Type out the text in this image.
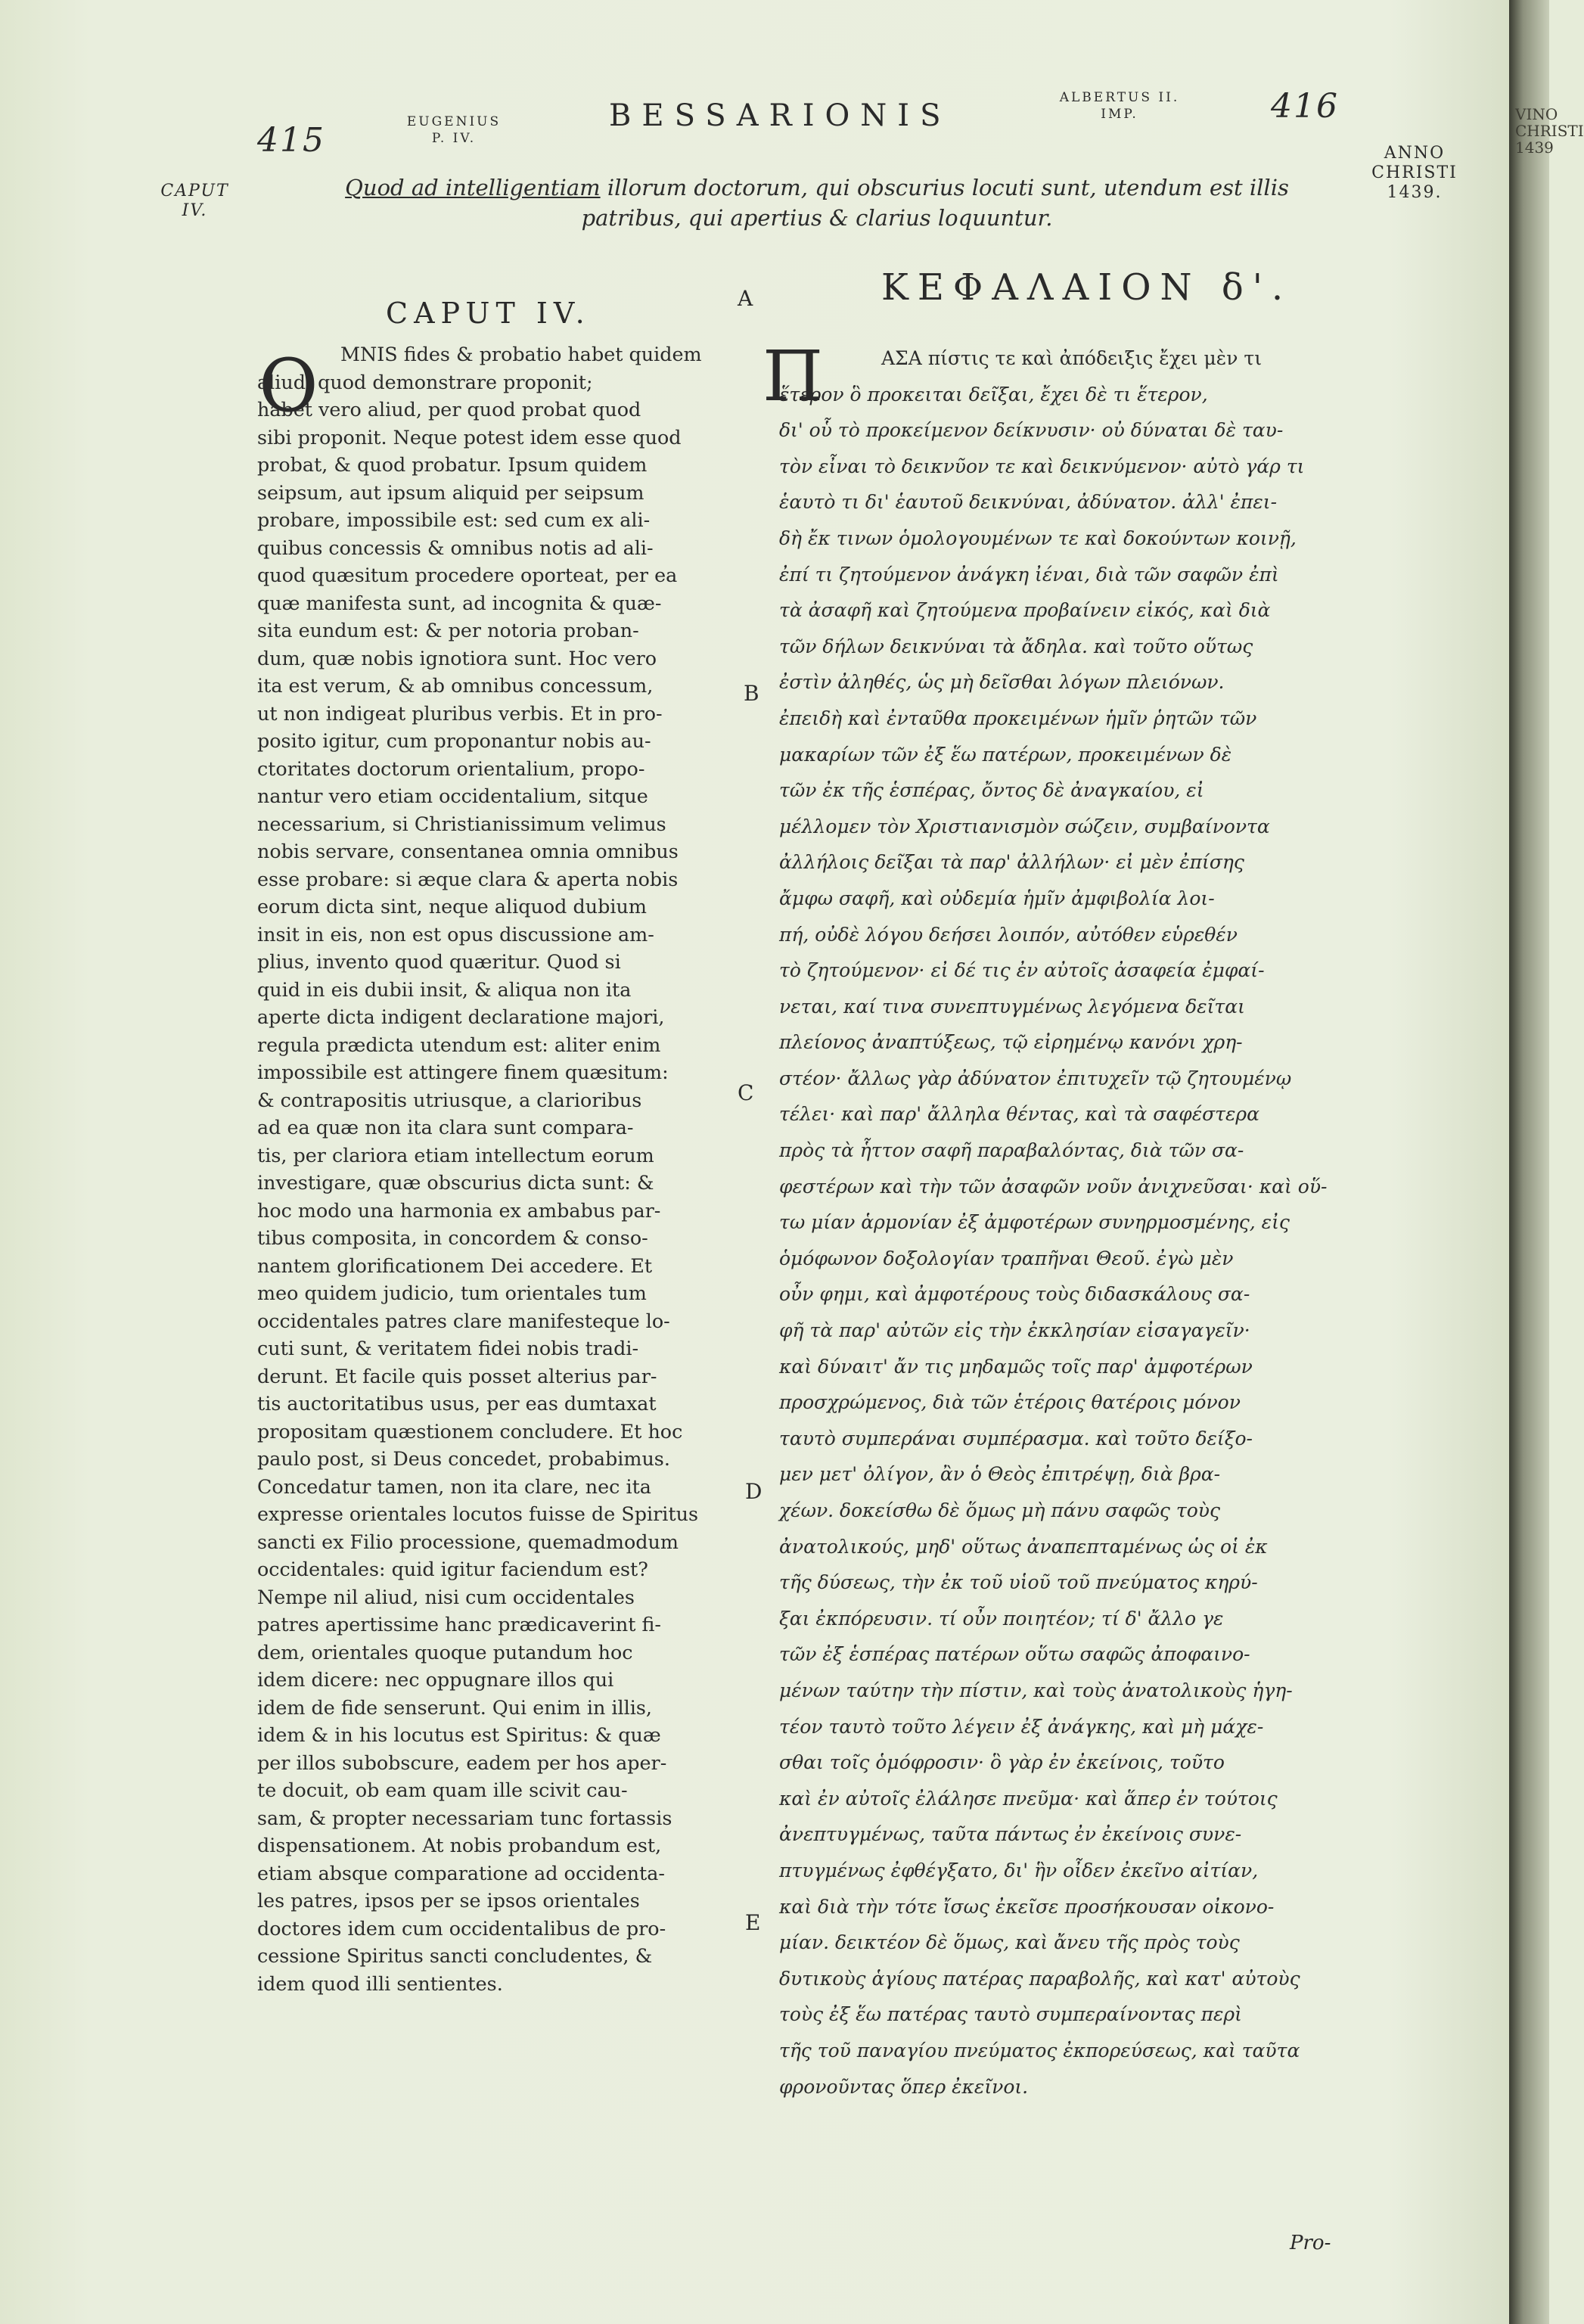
415	EUGENIUS
P. IV.
BESSARIONIS
ALBERTUS II.
IMP.	416
CAPUT
IV.
ANNO
CHRISTI
1439.
Quod ad intelligentiam illorum doctorum, qui obscurius locuti sunt, utendum est illis
patribus, qui apertius & clarius loquuntur.
CAPUT IV.	A	ΚΕΦΑΛΑΙΟΝ δ'.
O	MNIS fides & probatio habet quidem
aliud, quod demonstrare proponit;
habet vero aliud, per quod probat quod
sibi proponit. Neque potest idem esse quod
probat, & quod probatur. Ipsum quidem
seipsum, aut ipsum aliquid per seipsum
probare, impossibile est: sed cum ex ali-
quibus concessis & omnibus notis ad ali-
quod quæsitum procedere oporteat, per ea
quæ manifesta sunt, ad incognita & quæ-
sita eundum est: & per notoria proban-
dum, quæ nobis ignotiora sunt. Hoc vero
ita est verum, & ab omnibus concessum,
ut non indigeat pluribus verbis. Et in pro-
posito igitur, cum proponantur nobis au-
ctoritates doctorum orientalium, propo-
nantur vero etiam occidentalium, sitque
necessarium, si Christianissimum velimus
nobis servare, consentanea omnia omnibus
esse probare: si æque clara & aperta nobis
eorum dicta sint, neque aliquod dubium
insit in eis, non est opus discussione am-
plius, invento quod quæritur. Quod si
quid in eis dubii insit, & aliqua non ita
aperte dicta indigent declaratione majori,
regula prædicta utendum est: aliter enim
impossibile est attingere finem quæsitum:
& contrapositis utriusque, a clarioribus
ad ea quæ non ita clara sunt compara-
tis, per clariora etiam intellectum eorum
investigare, quæ obscurius dicta sunt: &
hoc modo una harmonia ex ambabus par-
tibus composita, in concordem & conso-
nantem glorificationem Dei accedere. Et
meo quidem judicio, tum orientales tum
occidentales patres clare manifesteque lo-
cuti sunt, & veritatem fidei nobis tradi-
derunt. Et facile quis posset alterius par-
tis auctoritatibus usus, per eas dumtaxat
propositam quæstionem concludere. Et hoc
paulo post, si Deus concedet, probabimus.
Concedatur tamen, non ita clare, nec ita
expresse orientales locutos fuisse de Spiritus
sancti ex Filio processione, quemadmodum
occidentales: quid igitur faciendum est?
Nempe nil aliud, nisi cum occidentales
patres apertissime hanc prædicaverint fi-
dem, orientales quoque putandum hoc
idem dicere: nec oppugnare illos qui
idem de fide senserunt. Qui enim in illis,
idem & in his locutus est Spiritus: & quæ
per illos subobscure, eadem per hos aper-
te docuit, ob eam quam ille scivit cau-
sam, & propter necessariam tunc fortassis
dispensationem. At nobis probandum est,
etiam absque comparatione ad occidenta-
les patres, ipsos per se ipsos orientales
doctores idem cum occidentalibus de pro-
cessione Spiritus sancti concludentes, &
idem quod illi sentientes.
Π	ΑΣΑ πίστις τε καὶ ἀπόδειξις ἔχει μὲν τι
ἕτερον ὃ προκειται δεῖξαι, ἔχει δὲ τι ἕτερον,
δι' οὗ τὸ προκείμενον δείκνυσιν· οὐ δύναται δὲ ταυ-
τὸν εἶναι τὸ δεικνῦον τε καὶ δεικνύμενον· αὐτὸ γάρ τι
ἑαυτὸ τι δι' ἑαυτοῦ δεικνύναι, ἀδύνατον. ἀλλ' ἐπει-
δὴ ἔκ τινων ὁμολογουμένων τε καὶ δοκούντων κοινῇ,
ἐπί τι ζητούμενον ἀνάγκη ἰέναι, διὰ τῶν σαφῶν ἐπὶ
τὰ ἀσαφῆ καὶ ζητούμενα προβαίνειν εἰκός, καὶ διὰ
τῶν δήλων δεικνύναι τὰ ἄδηλα. καὶ τοῦτο οὕτως
ἐστὶν ἀληθές, ὡς μὴ δεῖσθαι λόγων πλειόνων.
ἐπειδὴ καὶ ἐνταῦθα προκειμένων ἡμῖν ῥητῶν τῶν
μακαρίων τῶν ἐξ ἕω πατέρων, προκειμένων δὲ
τῶν ἐκ τῆς ἑσπέρας, ὄντος δὲ ἀναγκαίου, εἰ
μέλλομεν τὸν Χριστιανισμὸν σώζειν, συμβαίνοντα
ἀλλήλοις δεῖξαι τὰ παρ' ἀλλήλων· εἰ μὲν ἐπίσης
ἄμφω σαφῆ, καὶ οὐδεμία ἡμῖν ἀμφιβολία λοι-
πή, οὐδὲ λόγου δεήσει λοιπόν, αὐτόθεν εὑρεθέν
τὸ ζητούμενον· εἰ δέ τις ἐν αὐτοῖς ἀσαφεία ἐμφαί-
νεται, καί τινα συνεπτυγμένως λεγόμενα δεῖται
πλείονος ἀναπτύξεως, τῷ εἰρημένῳ κανόνι χρη-
στέον· ἄλλως γὰρ ἀδύνατον ἐπιτυχεῖν τῷ ζητουμένῳ
τέλει· καὶ παρ' ἄλληλα θέντας, καὶ τὰ σαφέστερα
πρὸς τὰ ἧττον σαφῆ παραβαλόντας, διὰ τῶν σα-
φεστέρων καὶ τὴν τῶν ἀσαφῶν νοῦν ἀνιχνεῦσαι· καὶ οὕ-
τω μίαν ἁρμονίαν ἐξ ἀμφοτέρων συνηρμοσμένης, εἰς
ὁμόφωνον δοξολογίαν τραπῆναι Θεοῦ. ἐγὼ μὲν
οὖν φημι, καὶ ἀμφοτέρους τοὺς διδασκάλους σα-
φῆ τὰ παρ' αὐτῶν εἰς τὴν ἐκκλησίαν εἰσαγαγεῖν·
καὶ δύναιτ' ἄν τις μηδαμῶς τοῖς παρ' ἀμφοτέρων
προσχρώμενος, διὰ τῶν ἑτέροις θατέροις μόνον
ταυτὸ συμπεράναι συμπέρασμα. καὶ τοῦτο δείξο-
μεν μετ' ὀλίγον, ἂν ὁ Θεὸς ἐπιτρέψῃ, διὰ βρα-
χέων. δοκείσθω δὲ ὅμως μὴ πάνυ σαφῶς τοὺς
ἀνατολικούς, μηδ' οὕτως ἀναπεπταμένως ὡς οἱ ἐκ
τῆς δύσεως, τὴν ἐκ τοῦ υἱοῦ τοῦ πνεύματος κηρύ-
ξαι ἐκπόρευσιν. τί οὖν ποιητέον; τί δ' ἄλλο γε
τῶν ἐξ ἑσπέρας πατέρων οὕτω σαφῶς ἀποφαινο-
μένων ταύτην τὴν πίστιν, καὶ τοὺς ἀνατολικοὺς ἡγη-
τέον ταυτὸ τοῦτο λέγειν ἐξ ἀνάγκης, καὶ μὴ μάχε-
σθαι τοῖς ὁμόφροσιν· ὃ γὰρ ἐν ἐκείνοις, τοῦτο
καὶ ἐν αὐτοῖς ἐλάλησε πνεῦμα· καὶ ἅπερ ἐν τούτοις
ἀνεπτυγμένως, ταῦτα πάντως ἐν ἐκείνοις συνε-
πτυγμένως ἐφθέγξατο, δι' ἣν οἶδεν ἐκεῖνο αἰτίαν,
καὶ διὰ τὴν τότε ἴσως ἐκεῖσε προσήκουσαν οἰκονο-
μίαν. δεικτέον δὲ ὅμως, καὶ ἄνευ τῆς πρὸς τοὺς
δυτικοὺς ἁγίους πατέρας παραβολῆς, καὶ κατ' αὐτοὺς
τοὺς ἐξ ἕω πατέρας ταυτὸ συμπεραίνοντας περὶ
τῆς τοῦ παναγίου πνεύματος ἐκπορεύσεως, καὶ ταῦτα
φρονοῦντας ὅπερ ἐκεῖνοι.
B
C
D
E
Pro-
VINO
CHRISTI
1439
